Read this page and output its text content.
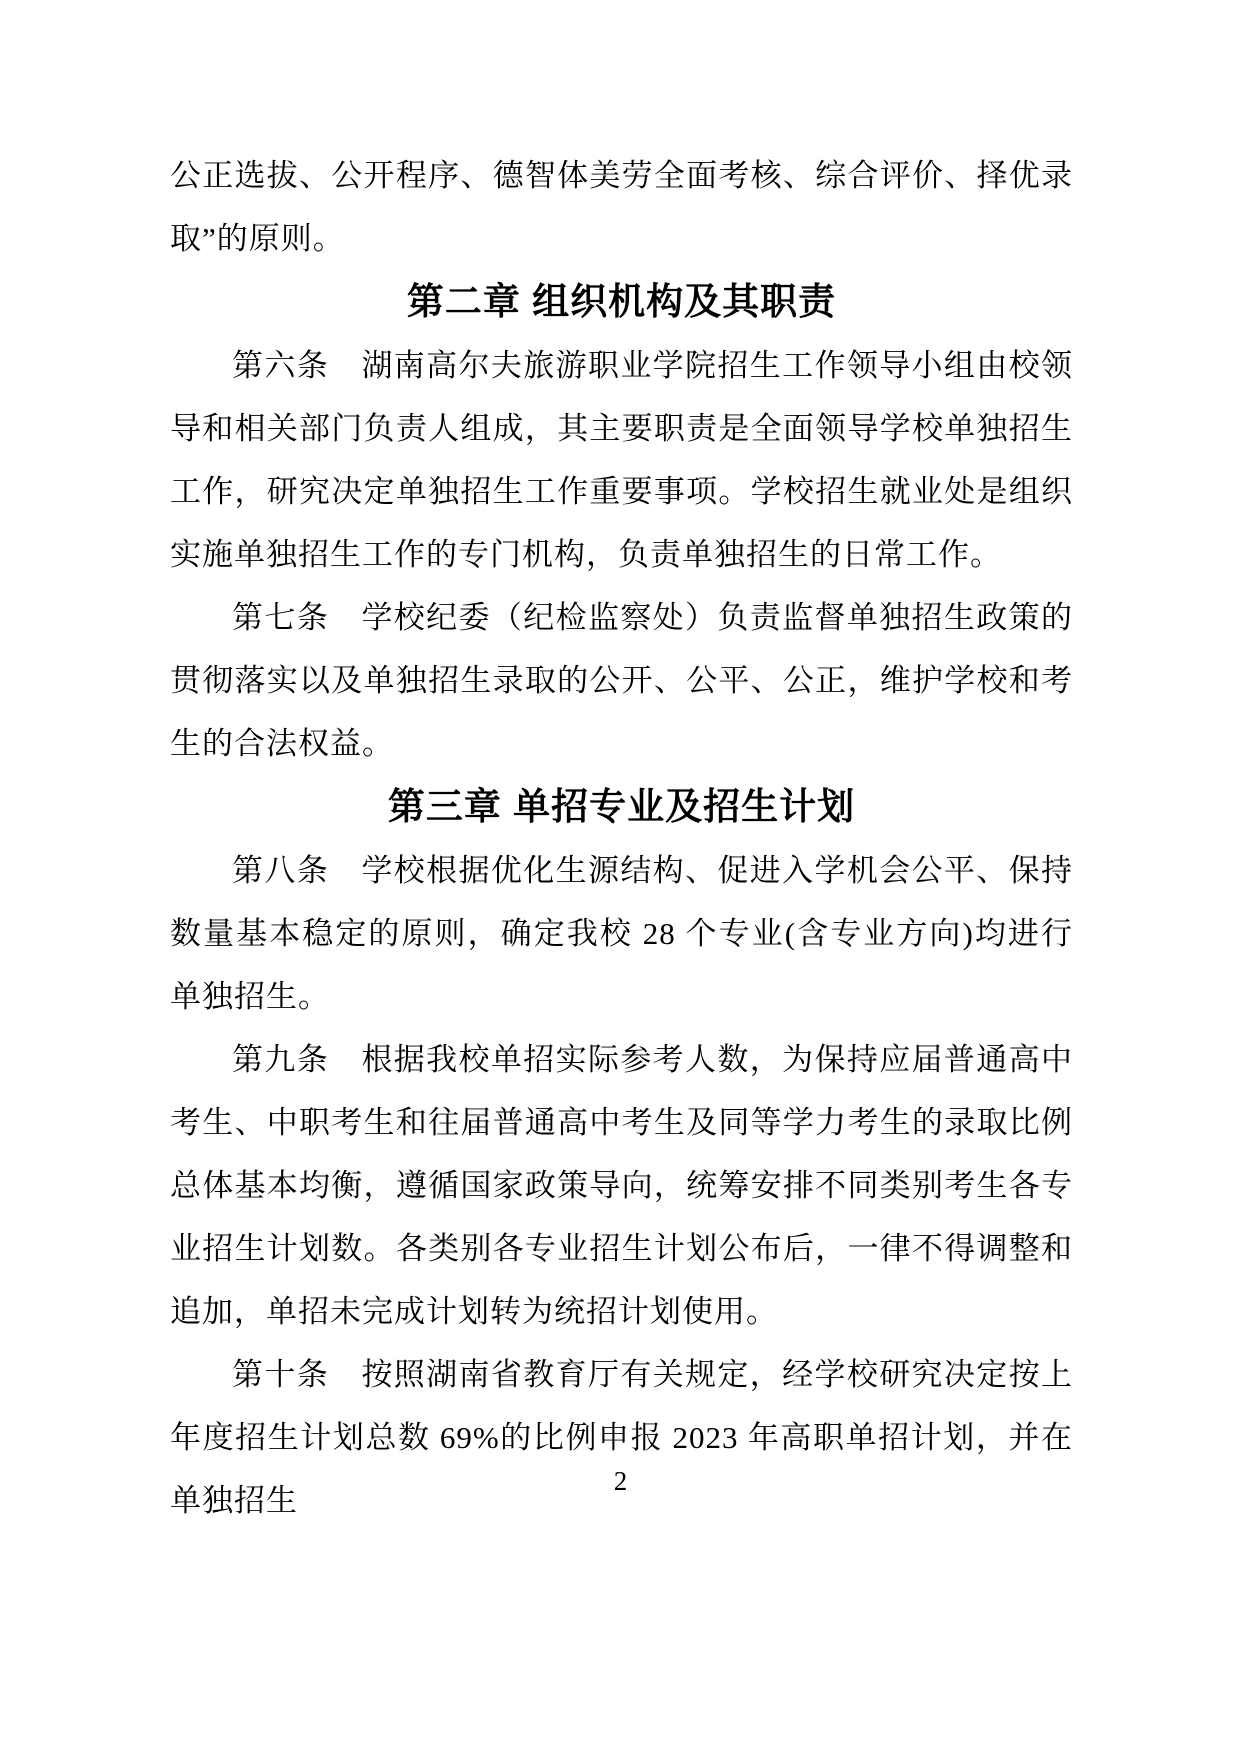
公正选拔、公开程序、德智体美劳全面考核、综合评价、择优录取”的原则。

第二章 组织机构及其职责

第六条　湖南高尔夫旅游职业学院招生工作领导小组由校领导和相关部门负责人组成，其主要职责是全面领导学校单独招生工作，研究决定单独招生工作重要事项。学校招生就业处是组织实施单独招生工作的专门机构，负责单独招生的日常工作。

第七条　学校纪委（纪检监察处）负责监督单独招生政策的贯彻落实以及单独招生录取的公开、公平、公正，维护学校和考生的合法权益。

第三章 单招专业及招生计划

第八条　学校根据优化生源结构、促进入学机会公平、保持数量基本稳定的原则，确定我校 28 个专业(含专业方向)均进行单独招生。

第九条　根据我校单招实际参考人数，为保持应届普通高中考生、中职考生和往届普通高中考生及同等学力考生的录取比例总体基本均衡，遵循国家政策导向，统筹安排不同类别考生各专业招生计划数。各类别各专业招生计划公布后，一律不得调整和追加，单招未完成计划转为统招计划使用。

第十条　按照湖南省教育厅有关规定，经学校研究决定按上年度招生计划总数 69%的比例申报 2023 年高职单招计划，并在单独招生

2
